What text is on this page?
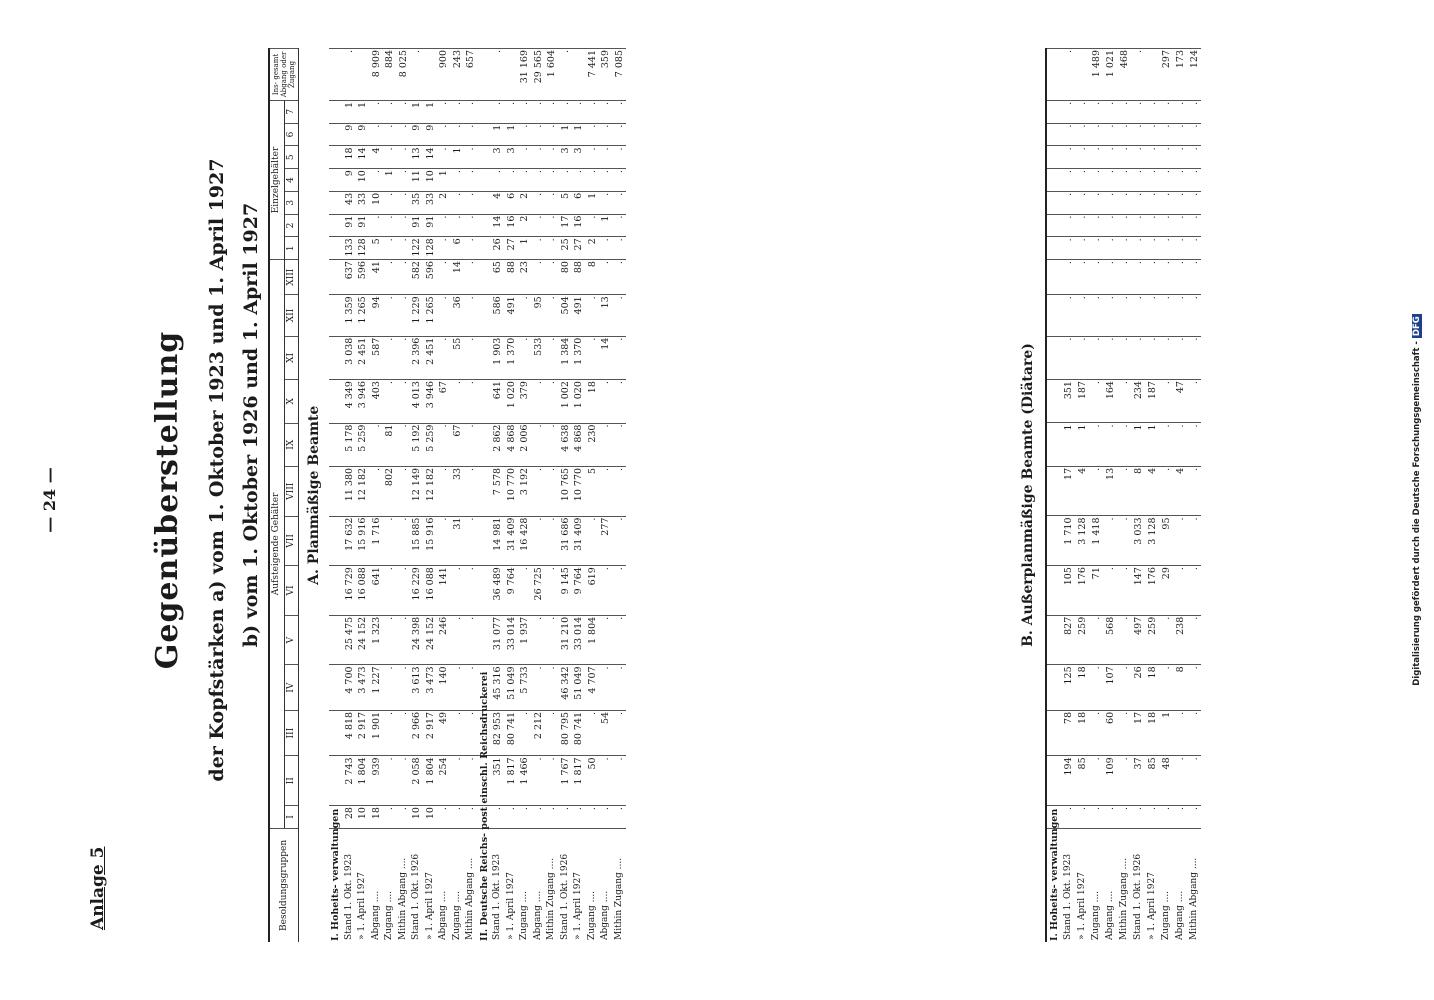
Anlage 5
— 24 —	Gegenüberstellung	der Kopfstärken a) vom 1. Oktober 1923 und 1. April 1927 b) vom 1. Oktober 1926 und 1. April 1927
Besoldungsgruppen	Aufsteigende Gehälter													Einzelgehälter							Ins- gesamt Abgang oder Zugang
	I	II	III	IV	V	VI	VII	VIII	IX	X	XI	XII	XIII	1	2	3	4	5	6	7	
A. Planmäßige Beamte																					
I. Hoheits- verwaltungen																					
Stand 1. Okt. 1923	28	2 743	4 818	4 700	25 475	16 729	17 632	11 380	5 178	4 349	3 038	1 359	637	133	91	43	9	18	9	1	.
» 1. April 1927	10	1 804	2 917	3 473	24 152	16 088	15 916	12 182	5 259	3 946	2 451	1 265	596	128	91	33	10	14	9	1	
Abgang ....	18	939	1 901	1 227	1 323	641	1 716	.	.	403	587	94	41	5	.	10	.	4	.	.	8 909
Zugang ....	.	.	.	.	.	.	.	802	81	.	.	.	.	.	.	.	1	.	.	.	884
Mithin Abgang ....	.	.	.	.	.	.	.	.	.	.	.	.	.	.	.	.	.	.	.	.	8 025
Stand 1. Okt. 1926	10	2 058	2 966	3 613	24 398	16 229	15 885	12 149	5 192	4 013	2 396	1 229	582	122	91	35	11	13	9	1	.
» 1. April 1927	10	1 804	2 917	3 473	24 152	16 088	15 916	12 182	5 259	3 946	2 451	1 265	596	128	91	33	10	14	9	1	
Abgang ....	.	254	49	140	246	141	.	.	.	67	.	.	.	.	.	2	1	.	.	.	900
Zugang ....	.	.	.	.	.	.	31	33	67	.	55	36	14	6	.	.	.	1	.	.	243
Mithin Abgang ....	.	.	.	.	.	.	.	.	.	.	.	.	.	.	.	.	.	.	.	.	657
II. Deutsche Reichs- post einschl. Reichsdruckerei																					
Stand 1. Okt. 1923	.	351	82 953	45 316	31 077	36 489	14 981	7 578	2 862	641	1 903	586	65	26	14	4	.	3	1	.	.
» 1. April 1927	.	1 817	80 741	51 049	33 014	9 764	31 409	10 770	4 868	1 020	1 370	491	88	27	16	6	.	3	1	.	
Zugang ....	.	1 466	.	5 733	1 937	.	16 428	3 192	2 006	379	.	.	23	1	2	2	.	.	.	.	31 169
Abgang ....	.	.	2 212	.	.	26 725	.	.	.	.	533	95	.	.	.	.	.	.	.	.	29 565
Mithin Zugang ....	.	.	.	.	.	.	.	.	.	.	.	.	.	.	.	.	.	.	.	.	1 604
Stand 1. Okt. 1926	.	1 767	80 795	46 342	31 210	9 145	31 686	10 765	4 638	1 002	1 384	504	80	25	17	5	.	3	1	.	.
» 1. April 1927	.	1 817	80 741	51 049	33 014	9 764	31 409	10 770	4 868	1 020	1 370	491	88	27	16	6	.	3	1	.	
Zugang ....	.	50	.	4 707	1 804	619	.	5	230	18	.	.	8	2	.	1	.	.	.	.	7 441
Abgang ....	.	.	54	.	.	.	277	.	.	.	14	13	.	.	1	.	.	.	.	.	359
Mithin Zugang ....	.	.	.	.	.	.	.	.	.	.	.	.	.	.	.	.	.	.	.	.	7 085
B. Außerplanmäßige Beamte (Diätare)
I. Hoheits- verwaltungen																					
Stand 1. Okt. 1923	.	194	78	125	827	105	1 710	17	1	351	.	.	.	.	.	.	.	.	.	.	.
» 1. April 1927	.	85	18	18	259	176	3 128	4	1	187	.	.	.	.	.	.	.	.	.	.	
Zugang ....	.	.	.	.	.	71	1 418	.	.	.	.	.	.	.	.	.	.	.	.	.	1 489
Abgang ....	.	109	60	107	568	.	.	13	.	164	.	.	.	.	.	.	.	.	.	.	1 021
Mithin Zugang ....	.	.	.	.	.	.	.	.	.	.	.	.	.	.	.	.	.	.	.	.	468
Stand 1. Okt. 1926	.	37	17	26	497	147	3 033	8	1	234	.	.	.	.	.	.	.	.	.	.	.
» 1. April 1927	.	85	18	18	259	176	3 128	4	1	187	.	.	.	.	.	.	.	.	.	.	
Zugang ....	.	48	1	.	.	29	95	.	.	.	.	.	.	.	.	.	.	.	.	.	297
Abgang ....	.	.	.	8	238	.	.	4	.	47	.	.	.	.	.	.	.	.	.	.	173
Mithin Abgang ....	.	.	.	.	.	.	.	.	.	.	.	.	.	.	.	.	.	.	.	.	124
Digitalisierung gefördert durch die Deutsche Forschungsgemeinschaft -DFG
